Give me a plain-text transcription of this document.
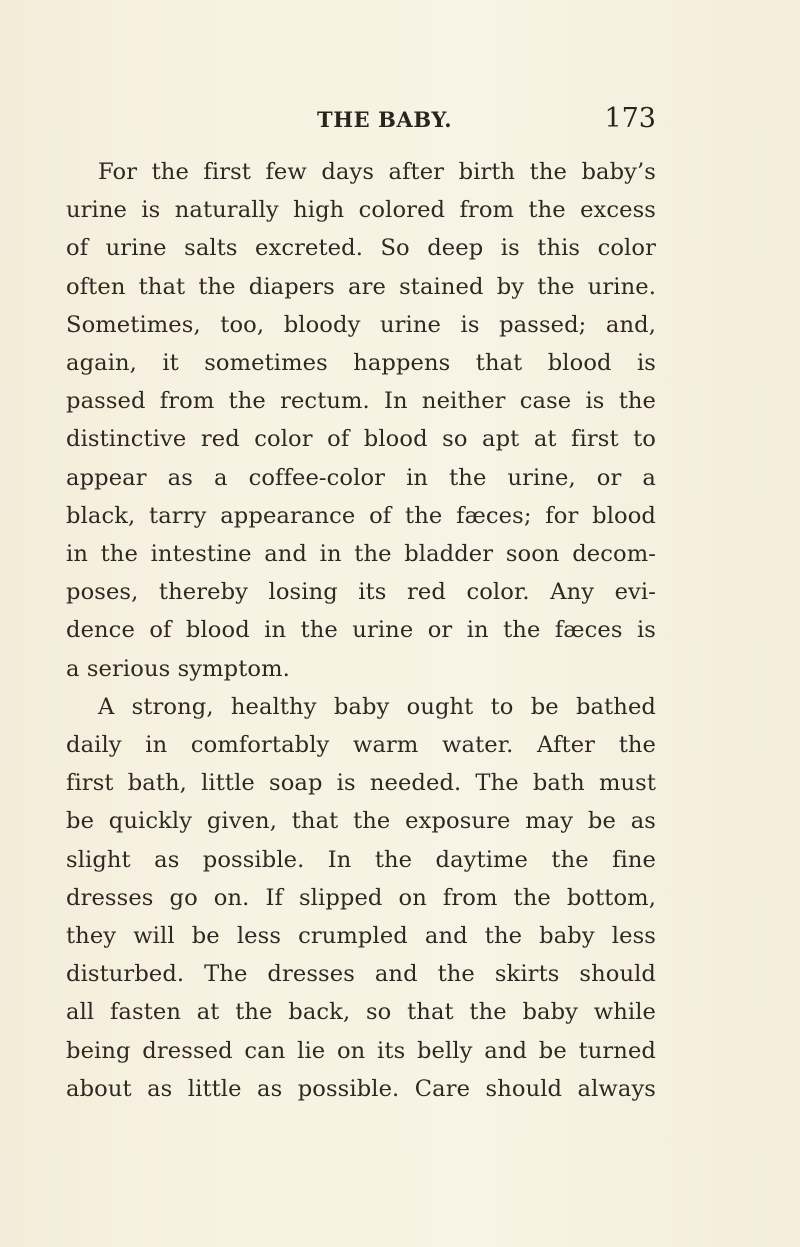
THE BABY.	173
For the first few days after birth the baby’s
urine is naturally high colored from the excess
of urine salts excreted. So deep is this color
often that the diapers are stained by the urine.
Sometimes, too, bloody urine is passed; and,
again, it sometimes happens that blood is
passed from the rectum. In neither case is the
distinctive red color of blood so apt at first to
appear as a coffee-color in the urine, or a
black, tarry appearance of the fæces; for blood
in the intestine and in the bladder soon decom-
poses, thereby losing its red color. Any evi-
dence of blood in the urine or in the fæces is
a serious symptom.
A strong, healthy baby ought to be bathed
daily in comfortably warm water. After the
first bath, little soap is needed. The bath must
be quickly given, that the exposure may be as
slight as possible. In the daytime the fine
dresses go on. If slipped on from the bottom,
they will be less crumpled and the baby less
disturbed. The dresses and the skirts should
all fasten at the back, so that the baby while
being dressed can lie on its belly and be turned
about as little as possible. Care should always
